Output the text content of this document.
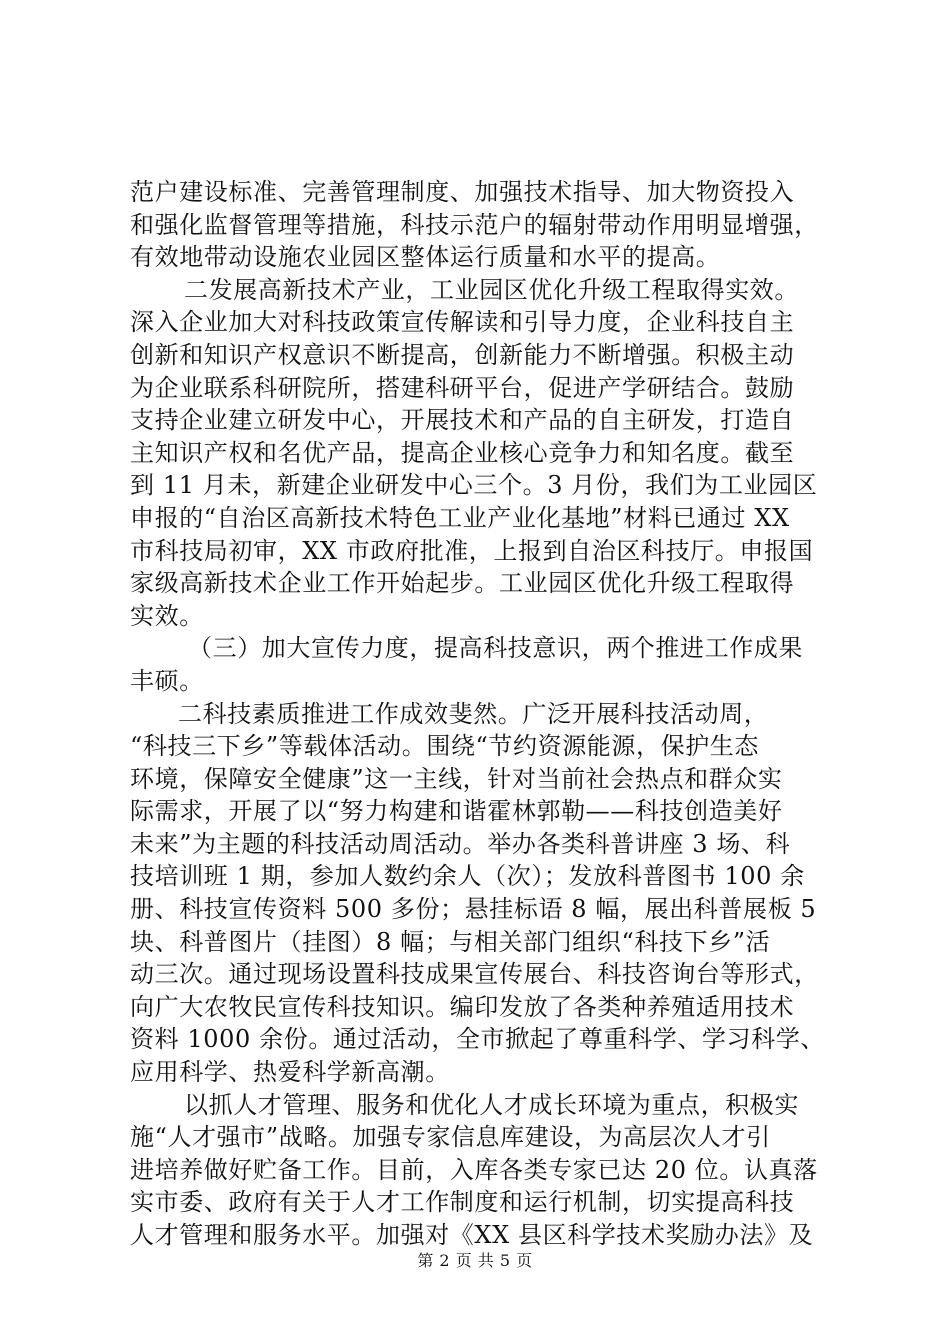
范户建设标准、完善管理制度、加强技术指导、加大物资投入
和强化监督管理等措施，科技示范户的辐射带动作用明显增强，
有效地带动设施农业园区整体运行质量和水平的提高。
二发展高新技术产业，工业园区优化升级工程取得实效。
深入企业加大对科技政策宣传解读和引导力度，企业科技自主
创新和知识产权意识不断提高，创新能力不断增强。积极主动
为企业联系科研院所，搭建科研平台，促进产学研结合。鼓励
支持企业建立研发中心，开展技术和产品的自主研发，打造自
主知识产权和名优产品，提高企业核心竞争力和知名度。截至
到 11 月未，新建企业研发中心三个。3 月份，我们为工业园区
申报的“自治区高新技术特色工业产业化基地”材料已通过 XX
市科技局初审，XX 市政府批准，上报到自治区科技厅。申报国
家级高新技术企业工作开始起步。工业园区优化升级工程取得
实效。
（三）加大宣传力度，提高科技意识，两个推进工作成果
丰硕。
二科技素质推进工作成效斐然。广泛开展科技活动周，
“科技三下乡”等载体活动。围绕“节约资源能源，保护生态
环境，保障安全健康”这一主线，针对当前社会热点和群众实
际需求，开展了以“努力构建和谐霍林郭勒——科技创造美好
未来”为主题的科技活动周活动。举办各类科普讲座 3 场、科
技培训班 1 期，参加人数约余人（次）；发放科普图书 100 余
册、科技宣传资料 500 多份；悬挂标语 8 幅，展出科普展板 5
块、科普图片（挂图）8 幅；与相关部门组织“科技下乡”活
动三次。通过现场设置科技成果宣传展台、科技咨询台等形式，
向广大农牧民宣传科技知识。编印发放了各类种养殖适用技术
资料 1000 余份。通过活动，全市掀起了尊重科学、学习科学、
应用科学、热爱科学新高潮。
以抓人才管理、服务和优化人才成长环境为重点，积极实
施“人才强市”战略。加强专家信息库建设，为高层次人才引
进培养做好贮备工作。目前，入库各类专家已达 20 位。认真落
实市委、政府有关于人才工作制度和运行机制，切实提高科技
人才管理和服务水平。加强对《XX 县区科学技术奖励办法》及
第 2 页 共 5 页
